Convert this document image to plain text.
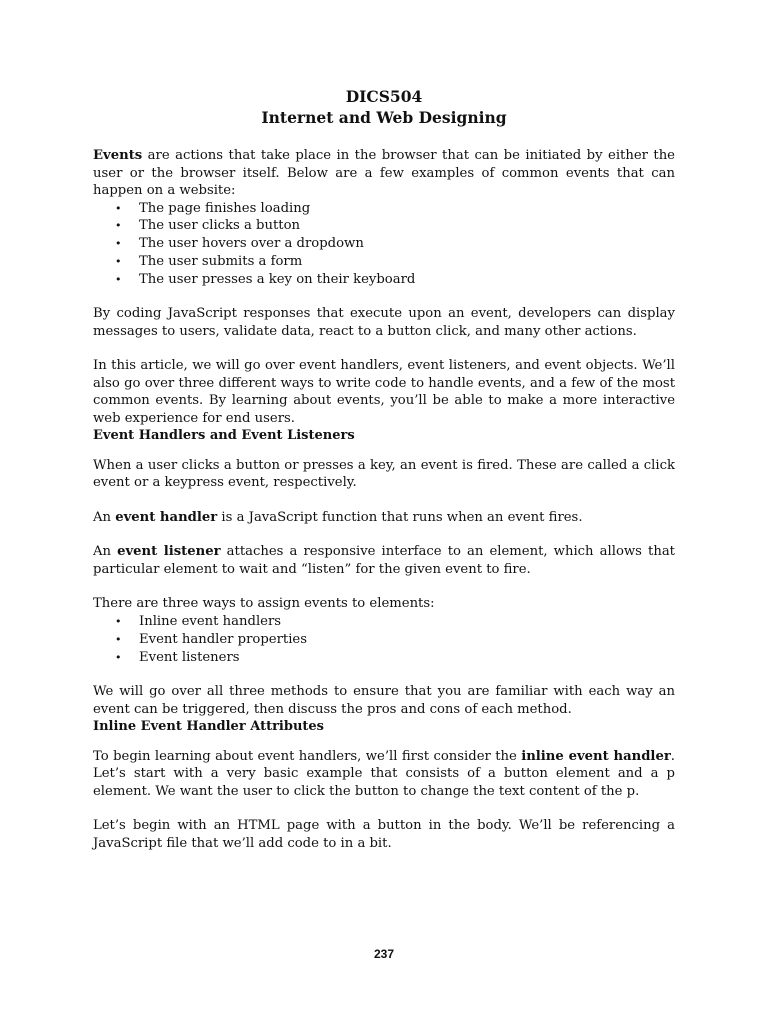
DICS504
Internet and Web Designing

Events are actions that take place in the browser that can be initiated by either the user or the browser itself. Below are a few examples of common events that can happen on a website:

• The page finishes loading
• The user clicks a button
• The user hovers over a dropdown
• The user submits a form
• The user presses a key on their keyboard

By coding JavaScript responses that execute upon an event, developers can display messages to users, validate data, react to a button click, and many other actions.

In this article, we will go over event handlers, event listeners, and event objects. We’ll also go over three different ways to write code to handle events, and a few of the most common events. By learning about events, you’ll be able to make a more interactive web experience for end users.

Event Handlers and Event Listeners

When a user clicks a button or presses a key, an event is fired. These are called a click event or a keypress event, respectively.

An event handler is a JavaScript function that runs when an event fires.

An event listener attaches a responsive interface to an element, which allows that particular element to wait and “listen” for the given event to fire.

There are three ways to assign events to elements:

• Inline event handlers
• Event handler properties
• Event listeners

We will go over all three methods to ensure that you are familiar with each way an event can be triggered, then discuss the pros and cons of each method.

Inline Event Handler Attributes

To begin learning about event handlers, we’ll first consider the inline event handler. Let’s start with a very basic example that consists of a button element and a p element. We want the user to click the button to change the text content of the p.

Let’s begin with an HTML page with a button in the body. We’ll be referencing a JavaScript file that we’ll add code to in a bit.

237
